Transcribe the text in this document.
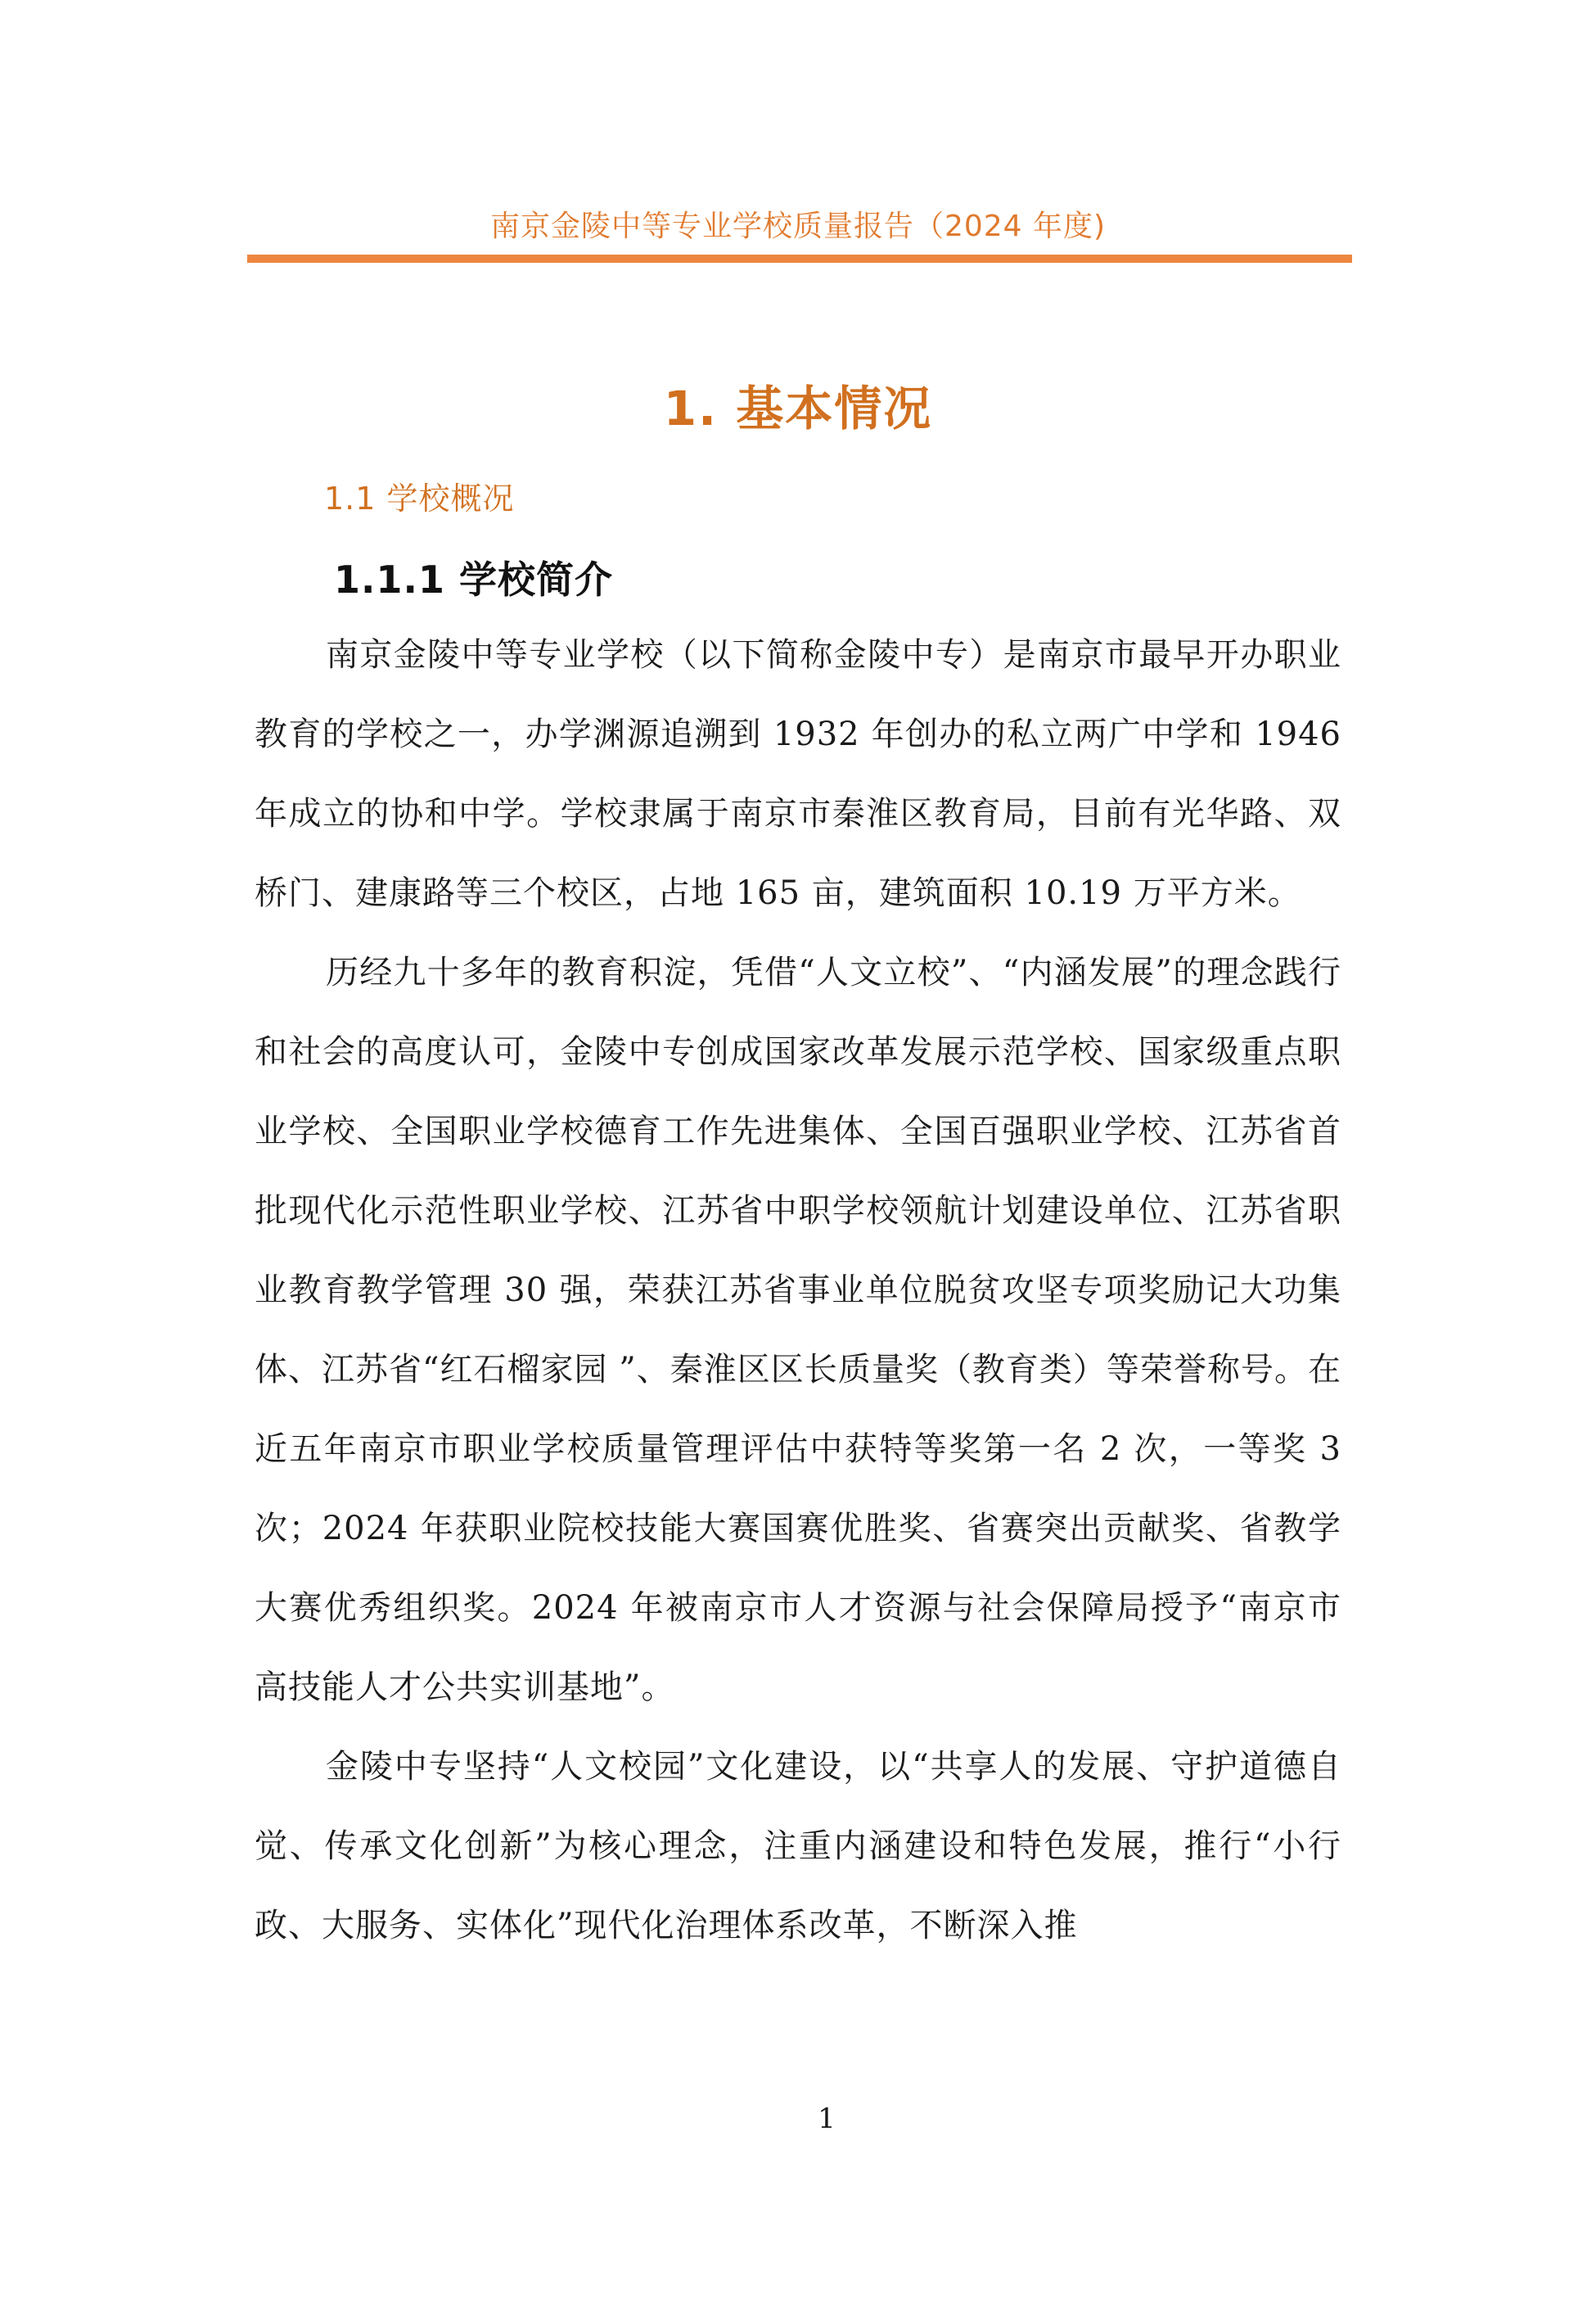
南京金陵中等专业学校质量报告（2024 年度)
1. 基本情况
1.1 学校概况
1.1.1 学校简介

南京金陵中等专业学校（以下简称金陵中专）是南京市最早开办职业教育的学校之一，办学渊源追溯到 1932 年创办的私立两广中学和 1946 年成立的协和中学。学校隶属于南京市秦淮区教育局，目前有光华路、双桥门、建康路等三个校区，占地 165 亩，建筑面积 10.19 万平方米。

历经九十多年的教育积淀，凭借“人文立校”、“内涵发展”的理念践行和社会的高度认可，金陵中专创成国家改革发展示范学校、国家级重点职业学校、全国职业学校德育工作先进集体、全国百强职业学校、江苏省首批现代化示范性职业学校、江苏省中职学校领航计划建设单位、江苏省职业教育教学管理 30 强，荣获江苏省事业单位脱贫攻坚专项奖励记大功集体、江苏省“红石榴家园 ”、秦淮区区长质量奖（教育类）等荣誉称号。在近五年南京市职业学校质量管理评估中获特等奖第一名 2 次，一等奖 3 次；2024 年获职业院校技能大赛国赛优胜奖、省赛突出贡献奖、省教学大赛优秀组织奖。2024 年被南京市人才资源与社会保障局授予“南京市高技能人才公共实训基地”。

金陵中专坚持“人文校园”文化建设，以“共享人的发展、守护道德自觉、传承文化创新”为核心理念，注重内涵建设和特色发展，推行“小行政、大服务、实体化”现代化治理体系改革，不断深入推

1
